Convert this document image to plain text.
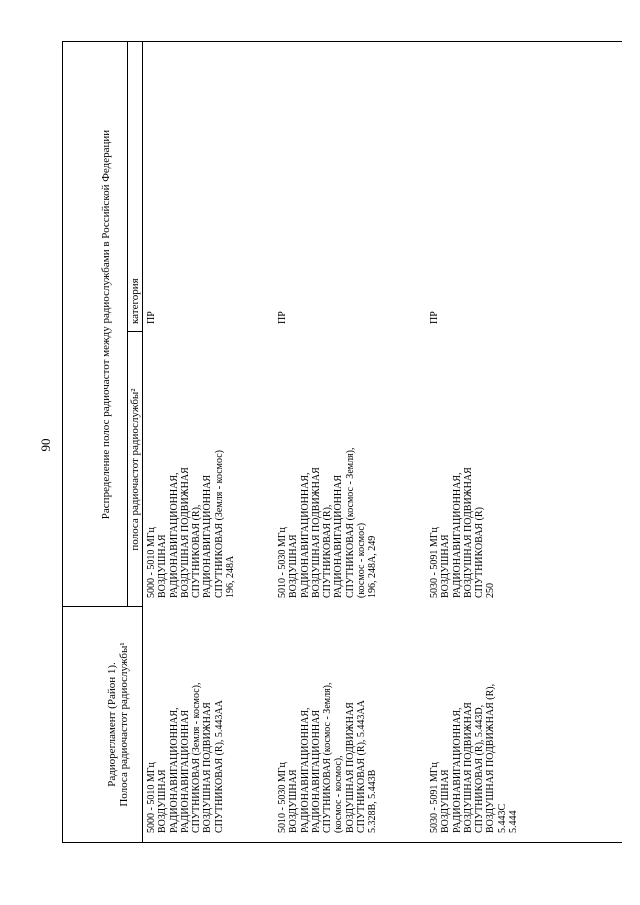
90
Радиорегламент (Район 1). Полоса радиочастот радиослужбы¹
Распределение полос радиочастот между радиослужбами в Российской Федерации полоса радиочастот радиослужбы²
категория
5000 - 5010 МГц
ВОЗДУШНАЯ
РАДИОНАВИГАЦИОННАЯ,
РАДИОНАВИГАЦИОННАЯ
СПУТНИКОВАЯ (Земля - космос),
ВОЗДУШНАЯ ПОДВИЖНАЯ
СПУТНИКОВАЯ (R), 5.443АА
5000 - 5010 МГц
ВОЗДУШНАЯ
РАДИОНАВИГАЦИОННАЯ,
ВОЗДУШНАЯ ПОДВИЖНАЯ
СПУТНИКОВАЯ (R),
РАДИОНАВИГАЦИОННАЯ
СПУТНИКОВАЯ (Земля - космос)
196, 248А
ПР
5010 - 5030 МГц
ВОЗДУШНАЯ
РАДИОНАВИГАЦИОННАЯ,
РАДИОНАВИГАЦИОННАЯ
СПУТНИКОВАЯ (космос - Земля),
(космос - космос),
ВОЗДУШНАЯ ПОДВИЖНАЯ
СПУТНИКОВАЯ (R), 5.443АА
5.328B, 5.443B
5010 - 5030 МГц
ВОЗДУШНАЯ
РАДИОНАВИГАЦИОННАЯ,
ВОЗДУШНАЯ ПОДВИЖНАЯ
СПУТНИКОВАЯ (R),
РАДИОНАВИГАЦИОННАЯ
СПУТНИКОВАЯ (космос - Земля),
(космос - космос)
196, 248А, 249
ПР
5030 - 5091 МГц
ВОЗДУШНАЯ
РАДИОНАВИГАЦИОННАЯ,
ВОЗДУШНАЯ ПОДВИЖНАЯ
СПУТНИКОВАЯ (R), 5.443D,
ВОЗДУШНАЯ ПОДВИЖНАЯ (R),
5.443С
5.444
5030 - 5091 МГц
ВОЗДУШНАЯ
РАДИОНАВИГАЦИОННАЯ,
ВОЗДУШНАЯ ПОДВИЖНАЯ
СПУТНИКОВАЯ (R)
250
ПР
